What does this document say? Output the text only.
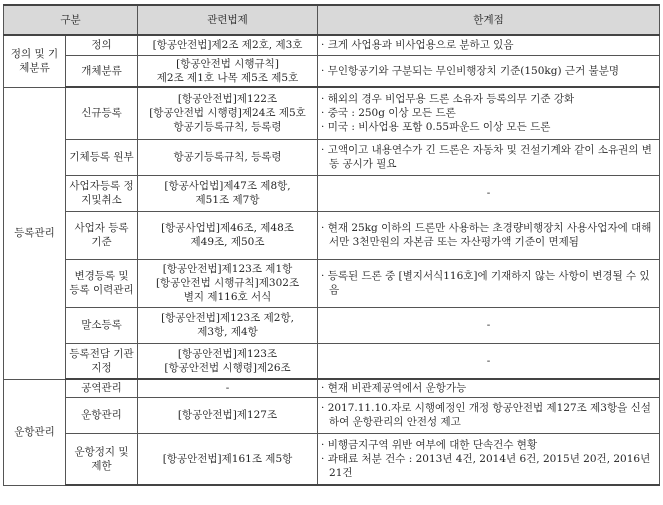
구분		관련법제	한계점
정의 및 기체분류	정의	[항공안전법]제2조 제2호, 제3호	· 크게 사업용과 비사업용으로 분하고 있음

	개체분류	[항공안전법 시행규칙]
제2조 제1호 나목 제5조 제5호	· 무인항공기와 구분되는 무인비행장치 기준(150kg) 근거 불분명

등록관리	신규등록	[항공안전법]제122조
[항공안전법 시행령]제24조 제5호
항공기등록규칙, 등록령	· 해외의 경우 비업무용 드론 소유자 등록의무 기준 강화
· 중국 : 250g 이상 모든 드론
· 미국 : 비사업용 포함 0.55파운드 이상 모든 드론

	기체등록 원부	항공기등록규칙, 등록령	· 고액이고 내용연수가 긴 드론은 자동차 및 건설기계와 같이 소유권의 변동 공시가 필요

	사업자등록 정지및취소	[항공사업법]제47조 제8항,
제51조 제7항	-
	사업자 등록 기준	[항공사업법]제46조, 제48조
제49조, 제50조	· 현재 25kg 이하의 드론만 사용하는 초경량비행장치 사용사업자에 대해서만 3천만원의 자본금 또는 자산평가액 기준이 면제됨

	변경등록 및 등록 이력관리	[항공안전법]제123조 제1항
[항공안전법 시행규칙]제302조
별지 제116호 서식	· 등록된 드론 중 [별지서식116호]에 기재하지 않는 사항이 변경될 수 있음

	말소등록	[항공안전법]제123조 제2항,
제3항, 제4항	-
	등록전담 기관지정	[항공안전법]제123조
[항공안전법 시행령]제26조	-
운항관리	공역관리	-	· 현재 비관제공역에서 운항가능

	운항관리	[항공안전법]제127조	· 2017.11.10.자로 시행예정인 개정 항공안전법 제127조 제3항을 신설하여 운항관리의 안전성 제고

	운항정지 및 제한	[항공안전법]제161조 제5항	· 비행금지구역 위반 여부에 대한 단속건수 현황
· 과태료 처분 건수 : 2013년 4건, 2014년 6건, 2015년 20건, 2016년 21건
